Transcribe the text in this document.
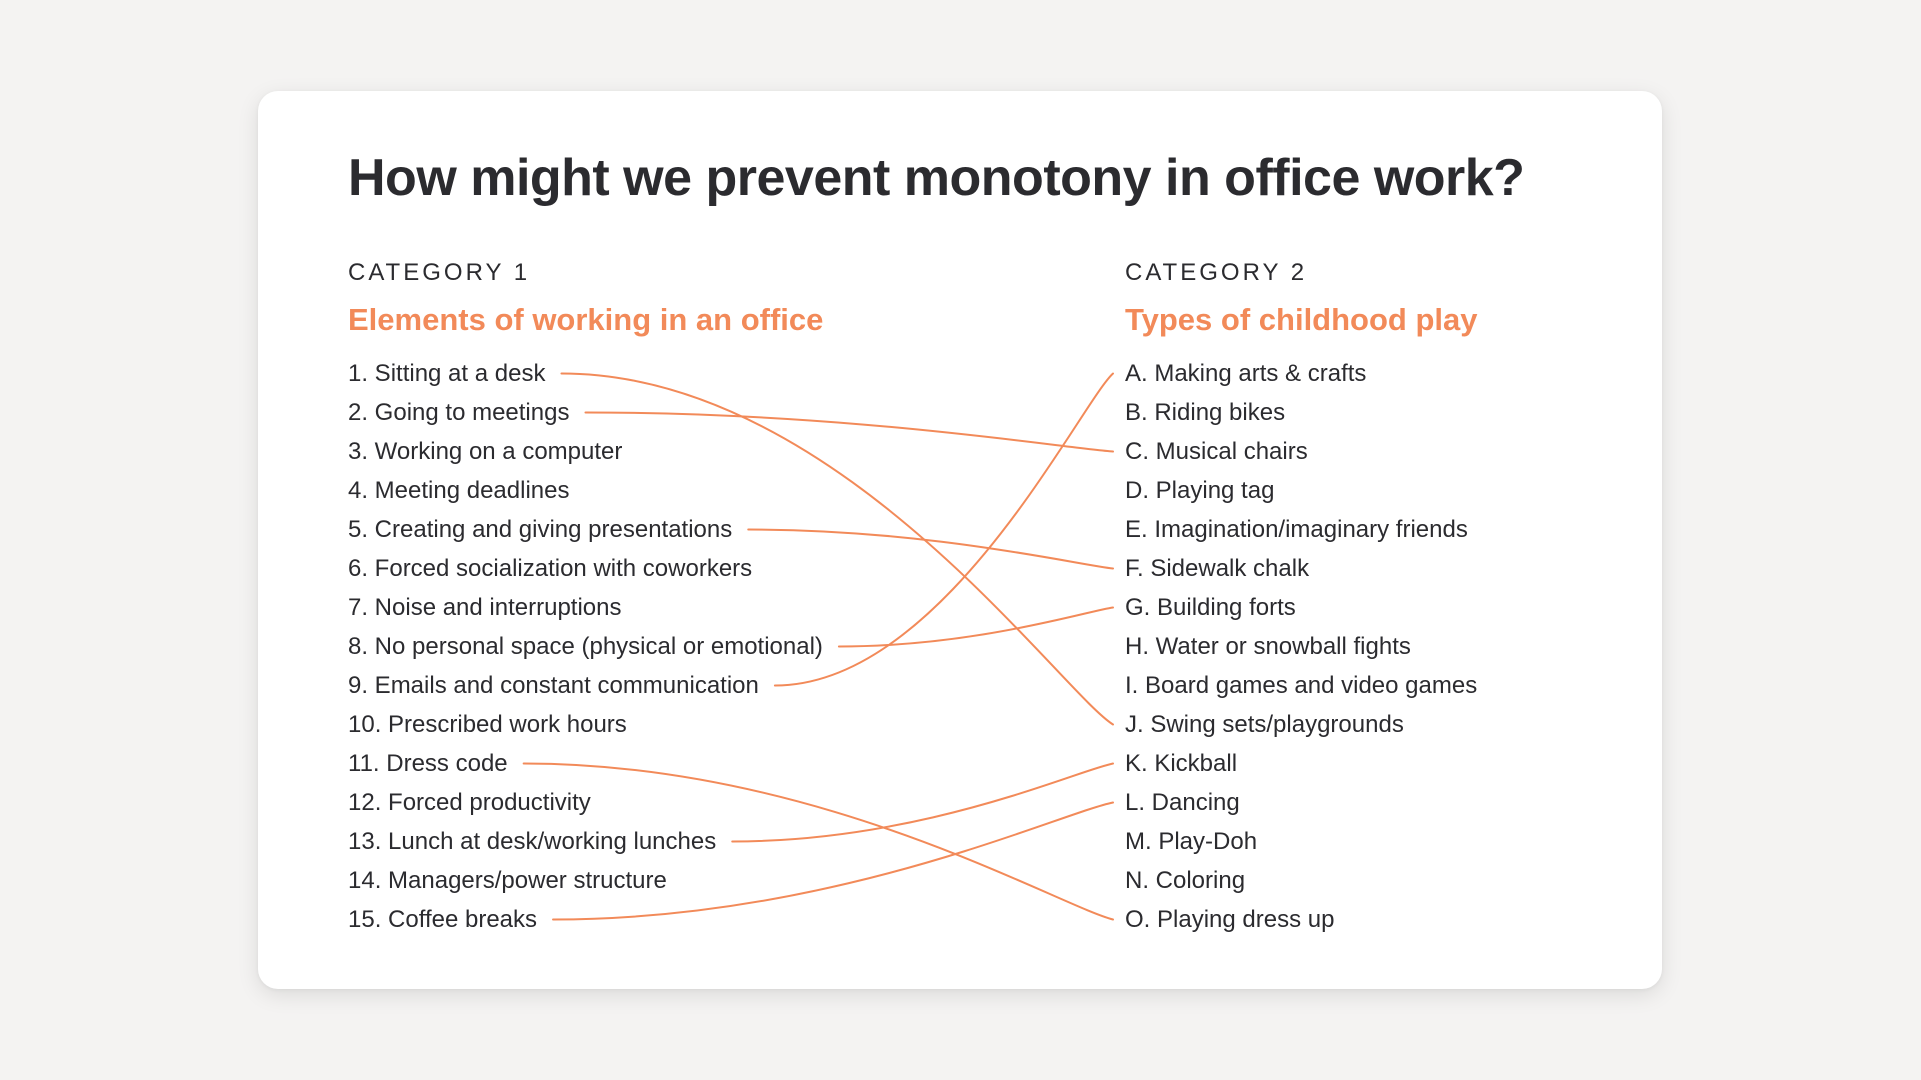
How might we prevent monotony in office work?
CATEGORY 1
Elements of working in an office
1. Sitting at a desk
2. Going to meetings
3. Working on a computer
4. Meeting deadlines
5. Creating and giving presentations
6. Forced socialization with coworkers
7. Noise and interruptions
8. No personal space (physical or emotional)
9. Emails and constant communication
10. Prescribed work hours
11. Dress code
12. Forced productivity
13. Lunch at desk/working lunches
14. Managers/power structure
15. Coffee breaks
CATEGORY 2
Types of childhood play
A. Making arts & crafts
B. Riding bikes
C. Musical chairs
D. Playing tag
E. Imagination/imaginary friends
F. Sidewalk chalk
G. Building forts
H. Water or snowball fights
I. Board games and video games
J. Swing sets/playgrounds
K. Kickball
L. Dancing
M. Play-Doh
N. Coloring
O. Playing dress up
